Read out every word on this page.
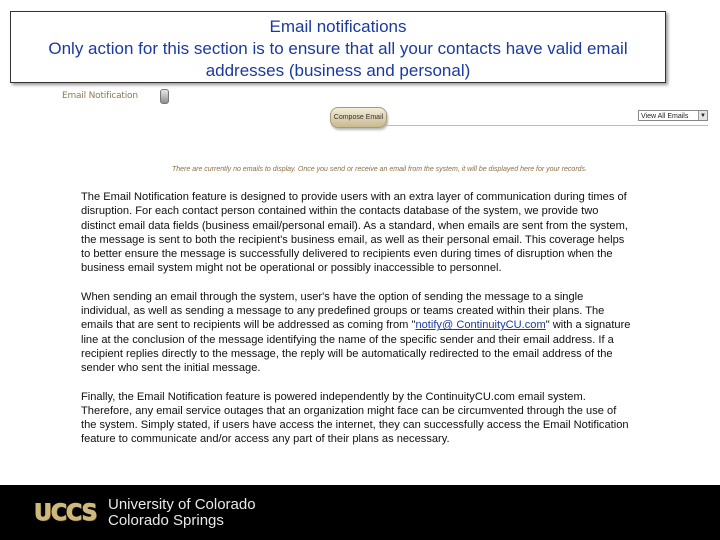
Email notifications
Only action for this section is to ensure that all your contacts have valid email addresses (business and personal)
Email Notification
Compose Email	View All Emails	▼
There are currently no emails to display. Once you send or receive an email from the system, it will be displayed here for your records.

The Email Notification feature is designed to provide users with an extra layer of communication during times of disruption. For each contact person contained within the contacts database of the system, we provide two distinct email data fields (business email/personal email). As a standard, when emails are sent from the system, the message is sent to both the recipient's business email, as well as their personal email. This coverage helps to better ensure the message is successfully delivered to recipients even during times of disruption when the business email system might not be operational or possibly inaccessible to personnel.

When sending an email through the system, user's have the option of sending the message to a single individual, as well as sending a message to any predefined groups or teams created within their plans. The emails that are sent to recipients will be addressed as coming from "notify@ ContinuityCU.com" with a signature line at the conclusion of the message identifying the name of the specific sender and their email address. If a recipient replies directly to the message, the reply will be automatically redirected to the email address of the sender who sent the initial message.

Finally, the Email Notification feature is powered independently by the ContinuityCU.com email system. Therefore, any email service outages that an organization might face can be circumvented through the use of the system. Simply stated, if users have access the internet, they can successfully access the Email Notification feature to communicate and/or access any part of their plans as necessary.

UCCS University of Colorado
Colorado Springs
